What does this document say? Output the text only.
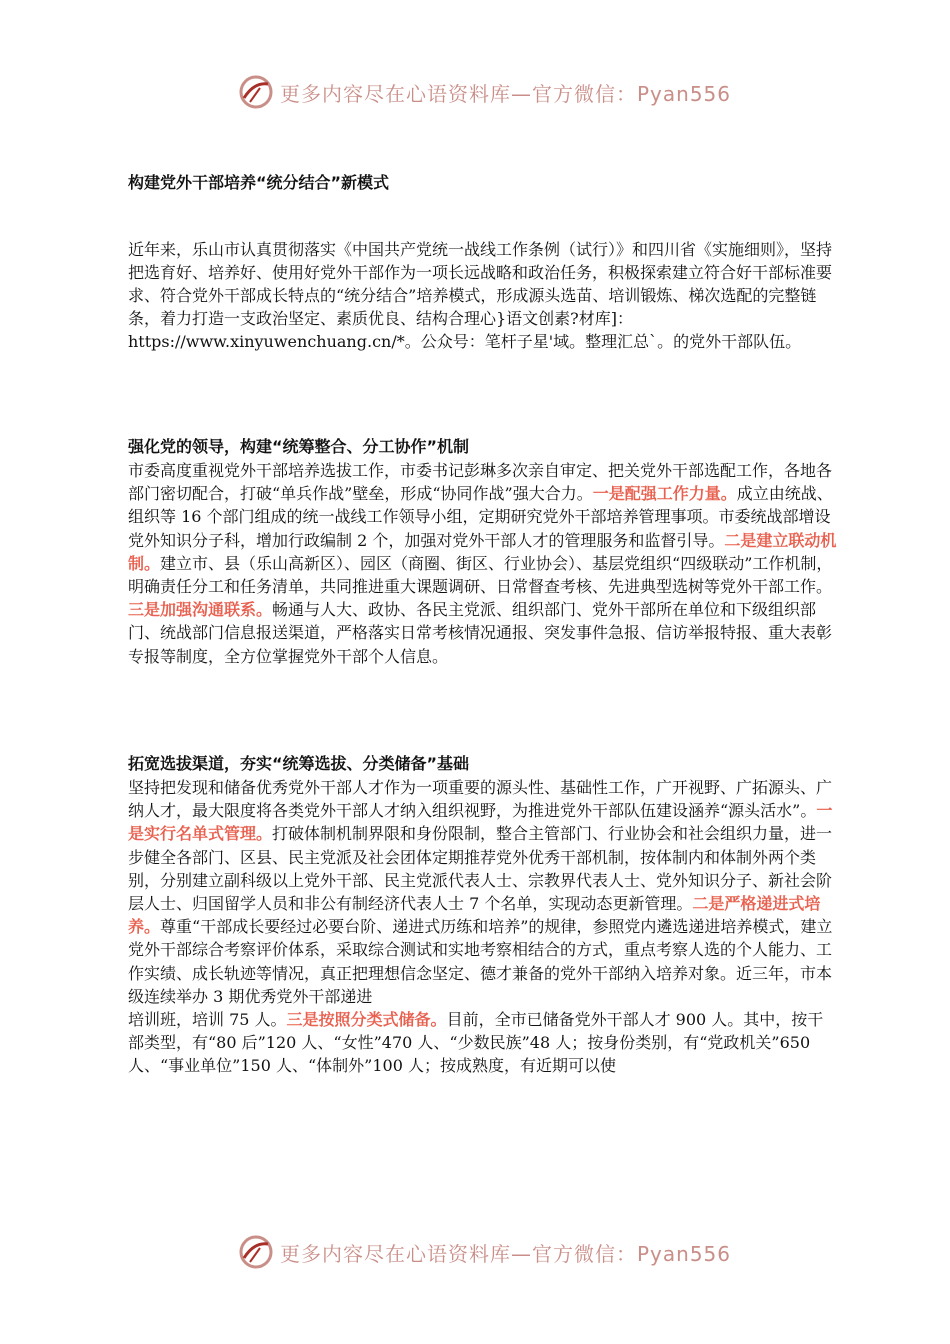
更多内容尽在心语资料库—官方微信：Pyan556
构建党外干部培养“统分结合”新模式
近年来，乐山市认真贯彻落实《中国共产党统一战线工作条例（试行）》和四川省《实施细则》，坚持把选育好、培养好、使用好党外干部作为一项长远战略和政治任务，积极探索建立符合好干部标准要求、符合党外干部成长特点的“统分结合”培养模式，形成源头选苗、培训锻炼、梯次选配的完整链条，着力打造一支政治坚定、素质优良、结构合理心}语文创素?材库]：https://www.xinyuwenchuang.cn/*。公众号：笔杆子星'域。整理汇总`。的党外干部队伍。
强化党的领导，构建“统筹整合、分工协作”机制

市委高度重视党外干部培养选拔工作，市委书记彭琳多次亲自审定、把关党外干部选配工作，各地各部门密切配合，打破“单兵作战”壁垒，形成“协同作战”强大合力。一是配强工作力量。成立由统战、组织等 16 个部门组成的统一战线工作领导小组，定期研究党外干部培养管理事项。市委统战部增设党外知识分子科，增加行政编制 2 个，加强对党外干部人才的管理服务和监督引导。二是建立联动机制。建立市、县（乐山高新区）、园区（商圈、街区、行业协会）、基层党组织“四级联动”工作机制，明确责任分工和任务清单，共同推进重大课题调研、日常督查考核、先进典型选树等党外干部工作。三是加强沟通联系。畅通与人大、政协、各民主党派、组织部门、党外干部所在单位和下级组织部门、统战部门信息报送渠道，严格落实日常考核情况通报、突发事件急报、信访举报特报、重大表彰专报等制度，全方位掌握党外干部个人信息。

拓宽选拔渠道，夯实“统筹选拔、分类储备”基础

坚持把发现和储备优秀党外干部人才作为一项重要的源头性、基础性工作，广开视野、广拓源头、广纳人才，最大限度将各类党外干部人才纳入组织视野，为推进党外干部队伍建设涵养“源头活水”。一是实行名单式管理。打破体制机制界限和身份限制，整合主管部门、行业协会和社会组织力量，进一步健全各部门、区县、民主党派及社会团体定期推荐党外优秀干部机制，按体制内和体制外两个类别，分别建立副科级以上党外干部、民主党派代表人士、宗教界代表人士、党外知识分子、新社会阶层人士、归国留学人员和非公有制经济代表人士 7 个名单，实现动态更新管理。二是严格递进式培养。尊重“干部成长要经过必要台阶、递进式历练和培养”的规律，参照党内遴选递进培养模式，建立党外干部综合考察评价体系，采取综合测试和实地考察相结合的方式，重点考察人选的个人能力、工作实绩、成长轨迹等情况，真正把理想信念坚定、德才兼备的党外干部纳入培养对象。近三年，市本级连续举办 3 期优秀党外干部递进

培训班，培训 75 人。三是按照分类式储备。目前，全市已储备党外干部人才 900 人。其中，按干部类型，有“80 后”120 人、“女性”470 人、“少数民族”48 人；按身份类别，有“党政机关”650 人、“事业单位”150 人、“体制外”100 人；按成熟度，有近期可以使

更多内容尽在心语资料库—官方微信：Pyan556
